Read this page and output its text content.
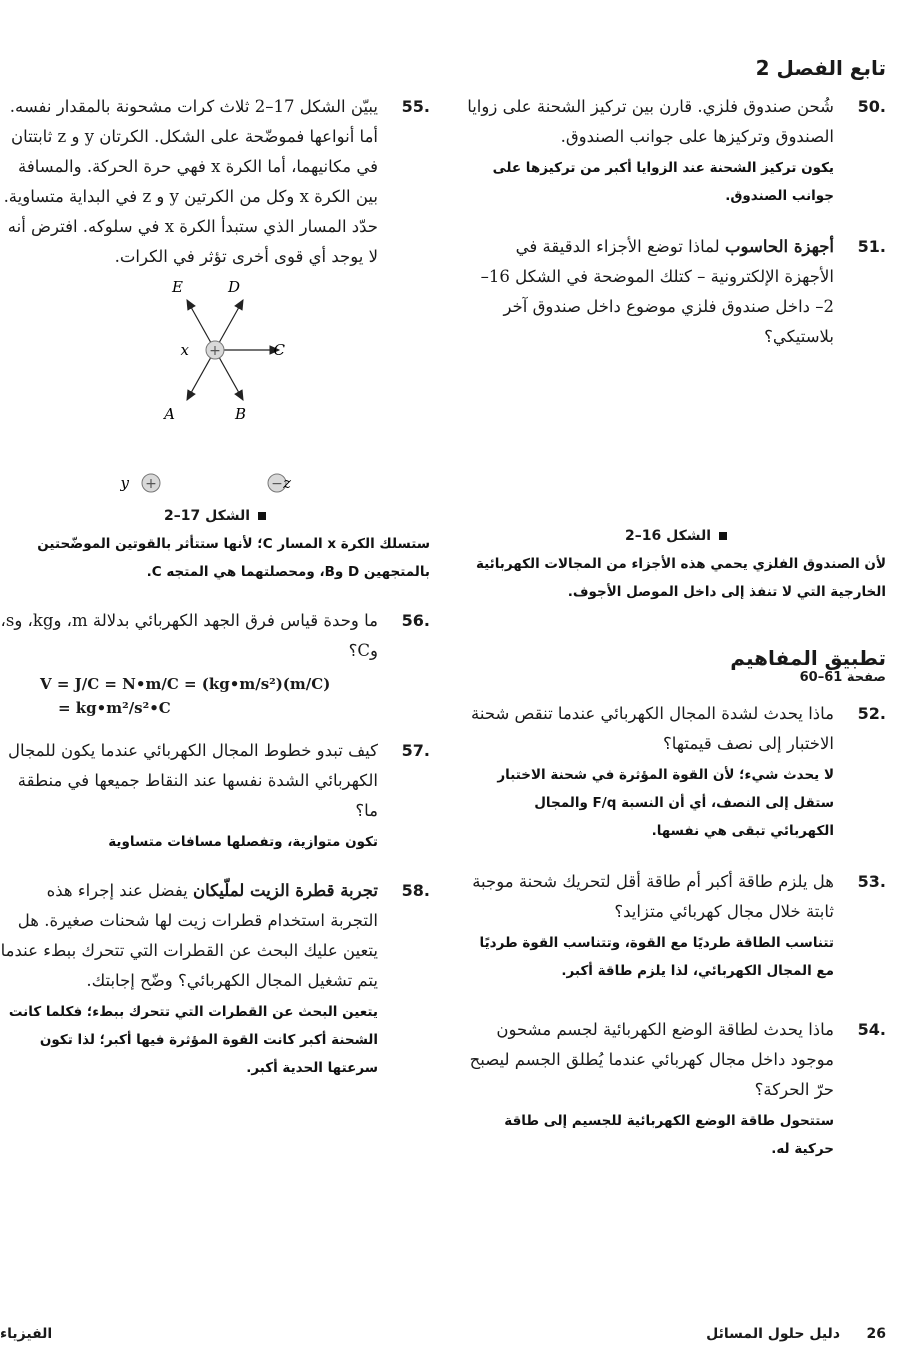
تابع الفصل 2
50.
شُحن صندوق فلزي. قارن بين تركيز الشحنة على زوايا الصندوق وتركيزها على جوانب الصندوق.
يكون تركيز الشحنة عند الزوايا أكبر من تركيزها على جوانب الصندوق.
51.
أجهزة الحاسوب لماذا توضع الأجزاء الدقيقة في الأجهزة الإلكترونية – كتلك الموضحة في الشكل 16–2– داخل صندوق فلزي موضوع داخل صندوق آخر بلاستيكي؟
الشكل 16–2
لأن الصندوق الفلزي يحمي هذه الأجزاء من المجالات الكهربائية الخارجية التي لا تنفذ إلى داخل الموصل الأجوف.
تطبيق المفاهيم
صفحة 61–60
52.
ماذا يحدث لشدة المجال الكهربائي عندما تنقص شحنة الاختبار إلى نصف قيمتها؟
لا يحدث شيء؛ لأن القوة المؤثرة في شحنة الاختبار ستقل إلى النصف، أي أن النسبة F/q والمجال الكهربائي تبقى هي نفسها.
53.
هل يلزم طاقة أكبر أم طاقة أقل لتحريك شحنة موجبة ثابتة خلال مجال كهربائي متزايد؟
تتناسب الطاقة طرديًا مع القوة، وتتناسب القوة طرديًا مع المجال الكهربائي، لذا يلزم طاقة أكبر.
54.
ماذا يحدث لطاقة الوضع الكهربائية لجسم مشحون موجود داخل مجال كهربائي عندما يُطلق الجسم ليصبح حرّ الحركة؟
ستتحول طاقة الوضع الكهربائية للجسيم إلى طاقة حركية له.
55.
يبيّن الشكل 17–2 ثلاث كرات مشحونة بالمقدار نفسه. أما أنواعها فموضّحة على الشكل. الكرتان y و z ثابتتان في مكانيهما، أما الكرة x فهي حرة الحركة. والمسافة بين الكرة x وكل من الكرتين y و z في البداية متساوية. حدّد المسار الذي ستبدأ الكرة x في سلوكه. افترض أنه لا يوجد أي قوى أخرى تؤثر في الكرات.
+
E	D
x	C
A	B
+
y	− z
الشكل 17–2
ستسلك الكرة x المسار C؛ لأنها ستتأثر بالقوتين الموضّحتين بالمتجهين D وB، ومحصلتهما هي المتجه C.
56.
ما وحدة قياس فرق الجهد الكهربائي بدلالة m، وkg، وs، وC؟
V = J/C = N•m/C = (kg•m/s²)(m/C)
= kg•m²/s²•C
57.
كيف تبدو خطوط المجال الكهربائي عندما يكون للمجال الكهربائي الشدة نفسها عند النقاط جميعها في منطقة ما؟
تكون متوازية، وتفصلها مسافات متساوية
58.
تجربة قطرة الزيت لملّيكان يفضل عند إجراء هذه التجربة استخدام قطرات زيت لها شحنات صغيرة. هل يتعين عليك البحث عن القطرات التي تتحرك ببطء عندما يتم تشغيل المجال الكهربائي؟ وضّح إجابتك.
يتعين البحث عن القطرات التي تتحرك ببطء؛ فكلما كانت الشحنة أكبر كانت القوة المؤثرة فيها أكبر؛ لذا تكون سرعتها الحدية أكبر.
26
دليل حلول المسائل
الفيزياء
